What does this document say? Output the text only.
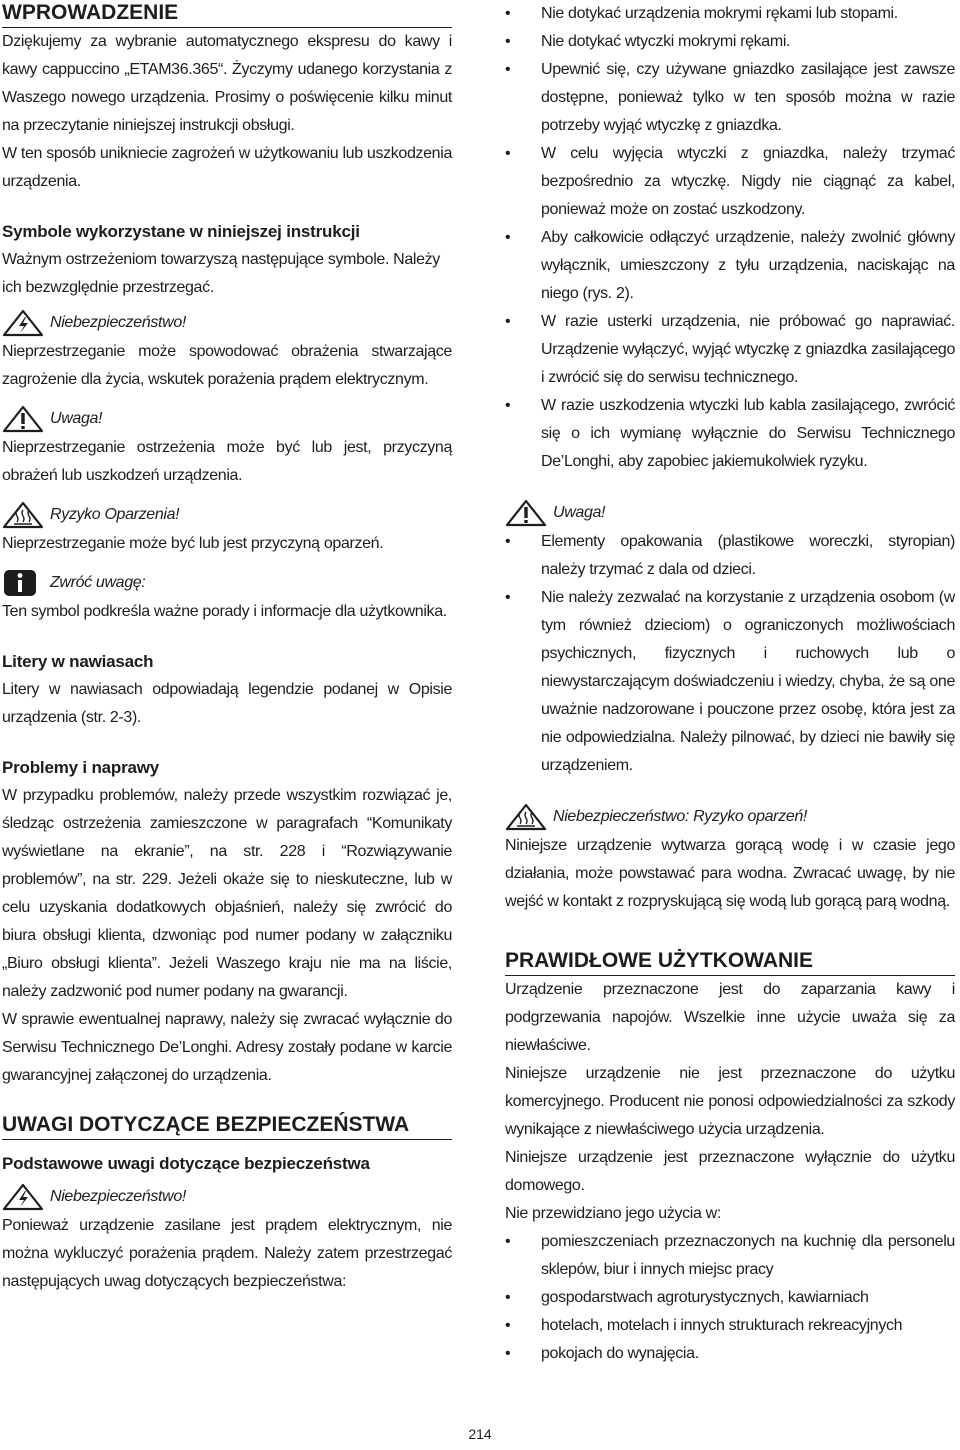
WPROWADZENIE

Dziękujemy za wybranie automatycznego ekspresu do kawy i kawy cappuccino „ETAM36.365“. Życzymy udanego korzystania z Waszego nowego urządzenia. Prosimy o poświęcenie kilku minut na przeczytanie niniejszej instrukcji obsługi.

W ten sposób unikniecie zagrożeń w użytkowaniu lub uszkodzenia urządzenia.

Symbole wykorzystane w niniejszej instrukcji

Ważnym ostrzeżeniom towarzyszą następujące symbole. Należy ich bezwzględnie przestrzegać.

Niebezpieczeństwo!

Nieprzestrzeganie może spowodować obrażenia stwarzające zagrożenie dla życia, wskutek porażenia prądem elektrycznym.

Uwaga!

Nieprzestrzeganie ostrzeżenia może być lub jest, przyczyną obrażeń lub uszkodzeń urządzenia.

Ryzyko Oparzenia!

Nieprzestrzeganie może być lub jest przyczyną oparzeń.

Zwróć uwagę:

Ten symbol podkreśla ważne porady i informacje dla użytkownika.

Litery w nawiasach

Litery w nawiasach odpowiadają legendzie podanej w Opisie urządzenia (str. 2-3).

Problemy i naprawy

W przypadku problemów, należy przede wszystkim rozwiązać je, śledząc ostrzeżenia zamieszczone w paragrafach “Komunikaty wyświetlane na ekranie”, na str. 228 i “Rozwiązywanie problemów”, na str. 229. Jeżeli okaże się to nieskuteczne, lub w celu uzyskania dodatkowych objaśnień, należy się zwrócić do biura obsługi klienta, dzwoniąc pod numer podany w załączniku „Biuro obsługi klienta”. Jeżeli Waszego kraju nie ma na liście, należy zadzwonić pod numer podany na gwarancji.

W sprawie ewentualnej naprawy, należy się zwracać wyłącznie do Serwisu Technicznego De’Longhi. Adresy zostały podane w karcie gwarancyjnej załączonej do urządzenia.

UWAGI DOTYCZĄCE BEZPIECZEŃSTWA

Podstawowe uwagi dotyczące bezpieczeństwa

Niebezpieczeństwo!

Ponieważ urządzenie zasilane jest prądem elektrycznym, nie można wykluczyć porażenia prądem. Należy zatem przestrzegać następujących uwag dotyczących bezpieczeństwa:

• Nie dotykać urządzenia mokrymi rękami lub stopami.
• Nie dotykać wtyczki mokrymi rękami.
• Upewnić się, czy używane gniazdko zasilające jest zawsze dostępne, ponieważ tylko w ten sposób można w razie potrzeby wyjąć wtyczkę z gniazdka.
• W celu wyjęcia wtyczki z gniazdka, należy trzymać bezpośrednio za wtyczkę. Nigdy nie ciągnąć za kabel, ponieważ może on zostać uszkodzony.
• Aby całkowicie odłączyć urządzenie, należy zwolnić główny wyłącznik, umieszczony z tyłu urządzenia, naciskając na niego (rys. 2).
• W razie usterki urządzenia, nie próbować go naprawiać. Urządzenie wyłączyć, wyjąć wtyczkę z gniazdka zasilającego i zwrócić się do serwisu technicznego.
• W razie uszkodzenia wtyczki lub kabla zasilającego, zwrócić się o ich wymianę wyłącznie do Serwisu Technicznego De’Longhi, aby zapobiec jakiemukolwiek ryzyku.
Uwaga!
• Elementy opakowania (plastikowe woreczki, styropian) należy trzymać z dala od dzieci.
• Nie należy zezwalać na korzystanie z urządzenia osobom (w tym również dzieciom) o ograniczonych możliwościach psychicznych, fizycznych i ruchowych lub o niewystarczającym doświadczeniu i wiedzy, chyba, że są one uważnie nadzorowane i pouczone przez osobę, która jest za nie odpowiedzialna. Należy pilnować, by dzieci nie bawiły się urządzeniem.
Niebezpieczeństwo: Ryzyko oparzeń!

Niniejsze urządzenie wytwarza gorącą wodę i w czasie jego działania, może powstawać para wodna. Zwracać uwagę, by nie wejść w kontakt z rozpryskującą się wodą lub gorącą parą wodną.

PRAWIDŁOWE UŻYTKOWANIE

Urządzenie przeznaczone jest do zaparzania kawy i podgrzewania napojów. Wszelkie inne użycie uważa się za niewłaściwe.

Niniejsze urządzenie nie jest przeznaczone do użytku komercyjnego. Producent nie ponosi odpowiedzialności za szkody wynikające z niewłaściwego użycia urządzenia.

Niniejsze urządzenie jest przeznaczone wyłącznie do użytku domowego.

Nie przewidziano jego użycia w:

• pomieszczeniach przeznaczonych na kuchnię dla personelu sklepów, biur i innych miejsc pracy
• gospodarstwach agroturystycznych, kawiarniach
• hotelach, motelach i innych strukturach rekreacyjnych
• pokojach do wynajęcia.
214
